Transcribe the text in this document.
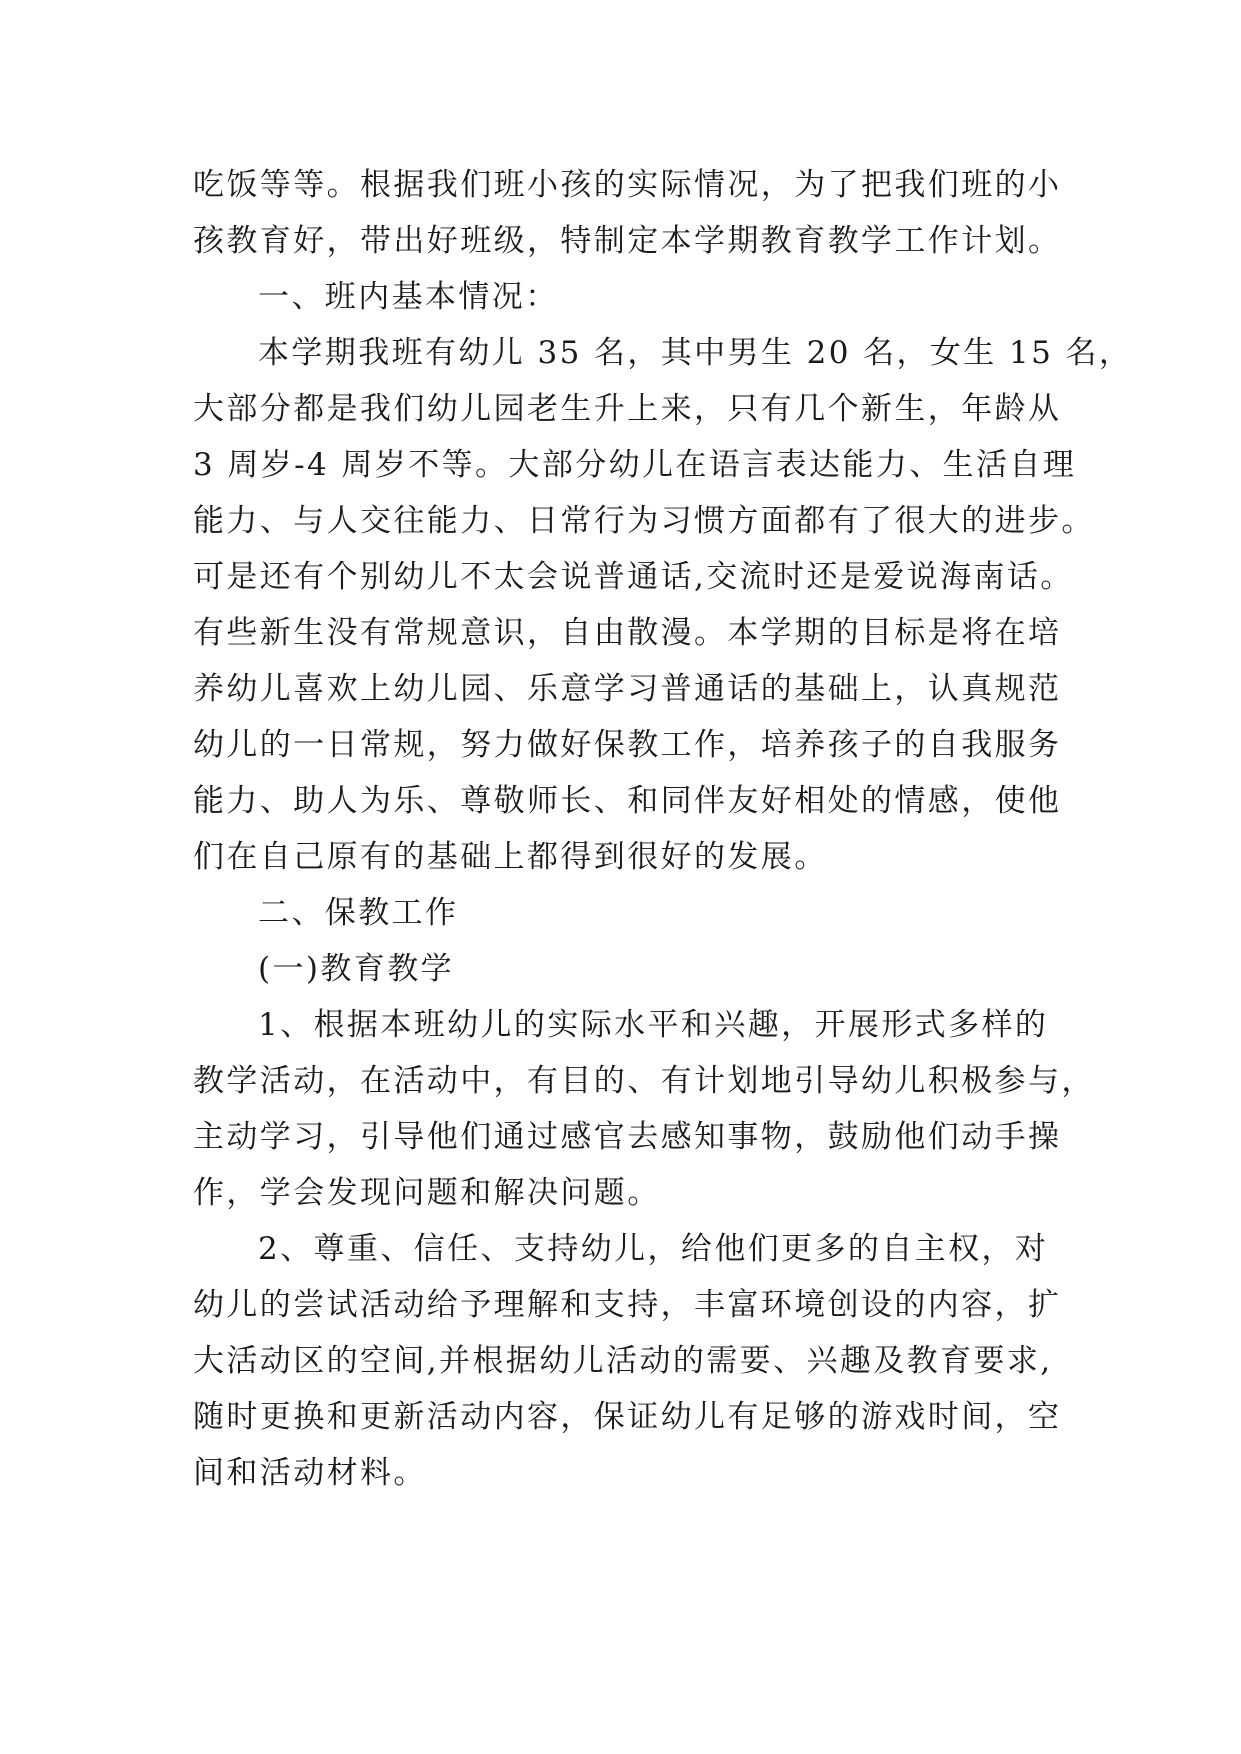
吃饭等等。根据我们班小孩的实际情况，为了把我们班的小
孩教育好，带出好班级，特制定本学期教育教学工作计划。
一、班内基本情况：
本学期我班有幼儿 35 名，其中男生 20 名，女生 15 名，
大部分都是我们幼儿园老生升上来，只有几个新生，年龄从
3 周岁-4 周岁不等。大部分幼儿在语言表达能力、生活自理
能力、与人交往能力、日常行为习惯方面都有了很大的进步。
可是还有个别幼儿不太会说普通话,交流时还是爱说海南话。
有些新生没有常规意识，自由散漫。本学期的目标是将在培
养幼儿喜欢上幼儿园、乐意学习普通话的基础上，认真规范
幼儿的一日常规，努力做好保教工作，培养孩子的自我服务
能力、助人为乐、尊敬师长、和同伴友好相处的情感，使他
们在自己原有的基础上都得到很好的发展。
二、保教工作
(一)教育教学
1、根据本班幼儿的实际水平和兴趣，开展形式多样的
教学活动，在活动中，有目的、有计划地引导幼儿积极参与，
主动学习，引导他们通过感官去感知事物，鼓励他们动手操
作，学会发现问题和解决问题。
2、尊重、信任、支持幼儿，给他们更多的自主权，对
幼儿的尝试活动给予理解和支持，丰富环境创设的内容，扩
大活动区的空间,并根据幼儿活动的需要、兴趣及教育要求,
随时更换和更新活动内容，保证幼儿有足够的游戏时间，空
间和活动材料。
